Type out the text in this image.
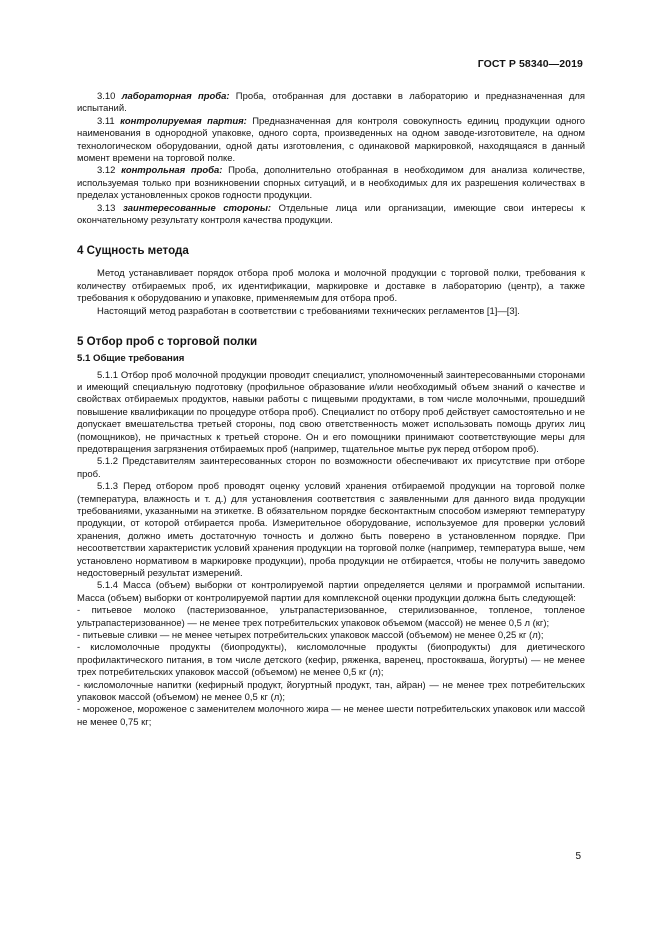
ГОСТ Р 58340—2019

3.10 лабораторная проба: Проба, отобранная для доставки в лабораторию и предназначенная для испытаний.

3.11 контролируемая партия: Предназначенная для контроля совокупность единиц продукции одного наименования в однородной упаковке, одного сорта, произведенных на одном заводе-изготовителе, на одном технологическом оборудовании, одной даты изготовления, с одинаковой маркировкой, находящаяся в данный момент времени на торговой полке.

3.12 контрольная проба: Проба, дополнительно отобранная в необходимом для анализа количестве, используемая только при возникновении спорных ситуаций, и в необходимых для их разрешения количествах в пределах установленных сроков годности продукции.

3.13 заинтересованные стороны: Отдельные лица или организации, имеющие свои интересы к окончательному результату контроля качества продукции.

4 Сущность метода

Метод устанавливает порядок отбора проб молока и молочной продукции с торговой полки, требования к количеству отбираемых проб, их идентификации, маркировке и доставке в лабораторию (центр), а также требования к оборудованию и упаковке, применяемым для отбора проб.

Настоящий метод разработан в соответствии с требованиями технических регламентов [1]—[3].

5 Отбор проб с торговой полки

5.1 Общие требования

5.1.1 Отбор проб молочной продукции проводит специалист, уполномоченный заинтересованными сторонами и имеющий специальную подготовку (профильное образование и/или необходимый объем знаний о качестве и свойствах отбираемых продуктов, навыки работы с пищевыми продуктами, в том числе молочными, прошедший повышение квалификации по процедуре отбора проб). Специалист по отбору проб действует самостоятельно и не допускает вмешательства третьей стороны, под свою ответственность может использовать помощь других лиц (помощников), не причастных к третьей стороне. Он и его помощники принимают соответствующие меры для предотвращения загрязнения отбираемых проб (например, тщательное мытье рук перед отбором проб).

5.1.2 Представителям заинтересованных сторон по возможности обеспечивают их присутствие при отборе проб.

5.1.3 Перед отбором проб проводят оценку условий хранения отбираемой продукции на торговой полке (температура, влажность и т. д.) для установления соответствия с заявленными для данного вида продукции требованиями, указанными на этикетке. В обязательном порядке бесконтактным способом измеряют температуру продукции, от которой отбирается проба. Измерительное оборудование, используемое для проверки условий хранения, должно иметь достаточную точность и должно быть поверено в установленном порядке. При несоответствии характеристик условий хранения продукции на торговой полке (например, температура выше, чем установлено нормативом в маркировке продукции), проба продукции не отбирается, чтобы не получить заведомо недостоверный результат измерений.

5.1.4 Масса (объем) выборки от контролируемой партии определяется целями и программой испытании. Масса (объем) выборки от контролируемой партии для комплексной оценки продукции должна быть следующей:

- питьевое молоко (пастеризованное, ультрапастеризованное, стерилизованное, топленое, топленое ультрапастеризованное) — не менее трех потребительских упаковок объемом (массой) не менее 0,5 л (кг);

- питьевые сливки — не менее четырех потребительских упаковок массой (объемом) не менее 0,25 кг (л);

- кисломолочные продукты (биопродукты), кисломолочные продукты (биопродукты) для диетического профилактического питания, в том числе детского (кефир, ряженка, варенец, простокваша, йогурты) — не менее трех потребительских упаковок массой (объемом) не менее 0,5 кг (л);

- кисломолочные напитки (кефирный продукт, йогуртный продукт, тан, айран) — не менее трех потребительских упаковок массой (объемом) не менее 0,5 кг (л);

- мороженое, мороженое с заменителем молочного жира — не менее шести потребительских упаковок или массой не менее 0,75 кг;

5
